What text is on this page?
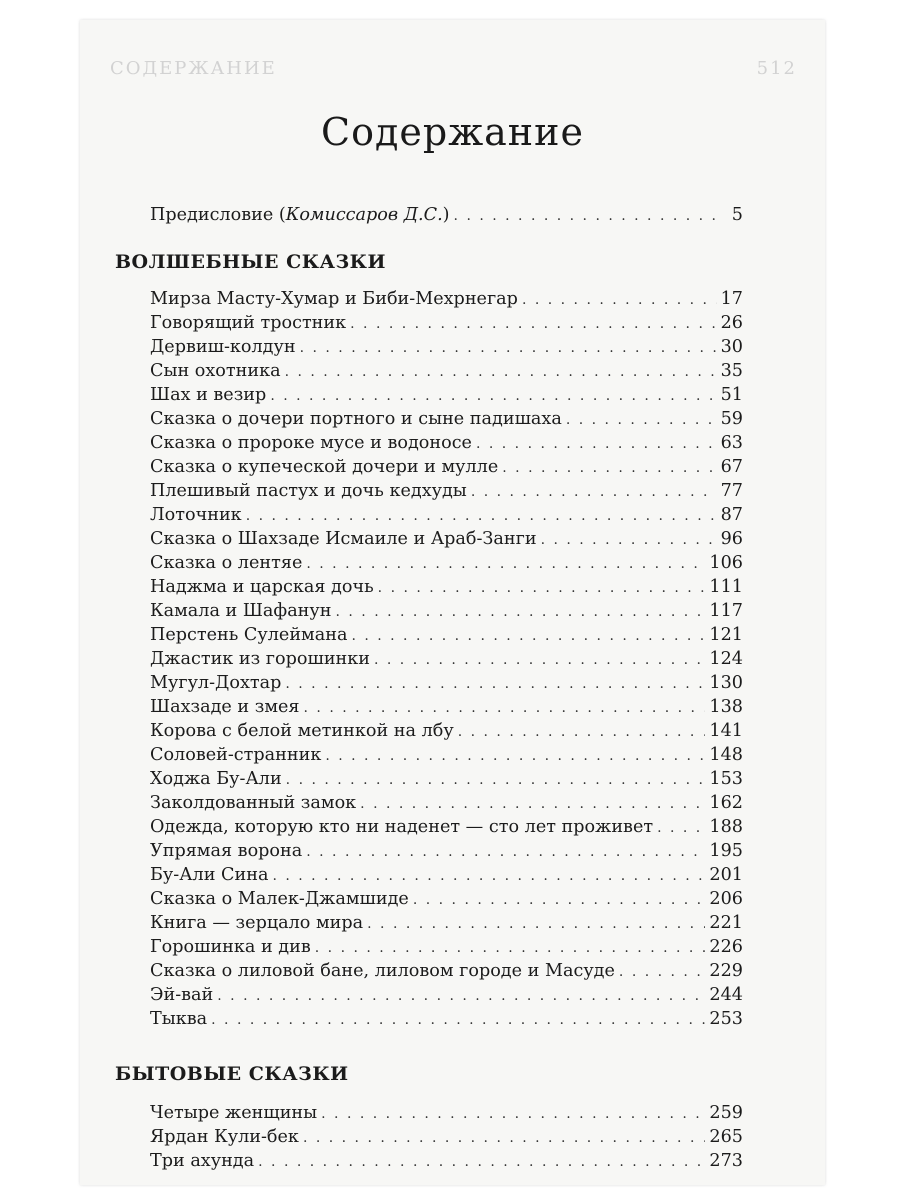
СОДЕРЖАНИЕ	512
Содержание
Предисловие (Комиссаров Д.С.) . . .	5
ВОЛШЕБНЫЕ СКАЗКИ
Мирза Масту-Хумар и Биби-Мехрнегар . . .	17
Говорящий тростник . . .	26
Дервиш-колдун . . .	30
Сын охотника . . .	35
Шах и везир . . .	51
Сказка о дочери портного и сыне падишаха . . .	59
Сказка о пророке мусе и водоносе . . .	63
Сказка о купеческой дочери и мулле . . .	67
Плешивый пастух и дочь кедхуды . . .	77
Лоточник . . .	87
Сказка о Шахзаде Исмаиле и Араб-Занги . . .	96
Сказка о лентяе . . .	106
Наджма и царская дочь . . .	111
Камала и Шафанун . . .	117
Перстень Сулеймана . . .	121
Джастик из горошинки . . .	124
Мугул-Дохтар . . .	130
Шахзаде и змея . . .	138
Корова с белой метинкой на лбу . . .	141
Соловей-странник . . .	148
Ходжа Бу-Али . . .	153
Заколдованный замок . . .	162
Одежда, которую кто ни наденет — сто лет проживет . . .	188
Упрямая ворона . . .	195
Бу-Али Сина . . .	201
Сказка о Малек-Джамшиде . . .	206
Книга — зерцало мира . . .	221
Горошинка и див . . .	226
Сказка о лиловой бане, лиловом городе и Масуде . . .	229
Эй-вай . . .	244
Тыква . . .	253
БЫТОВЫЕ СКАЗКИ
Четыре женщины . . .	259
Ярдан Кули-бек . . .	265
Три ахунда . . .	273
